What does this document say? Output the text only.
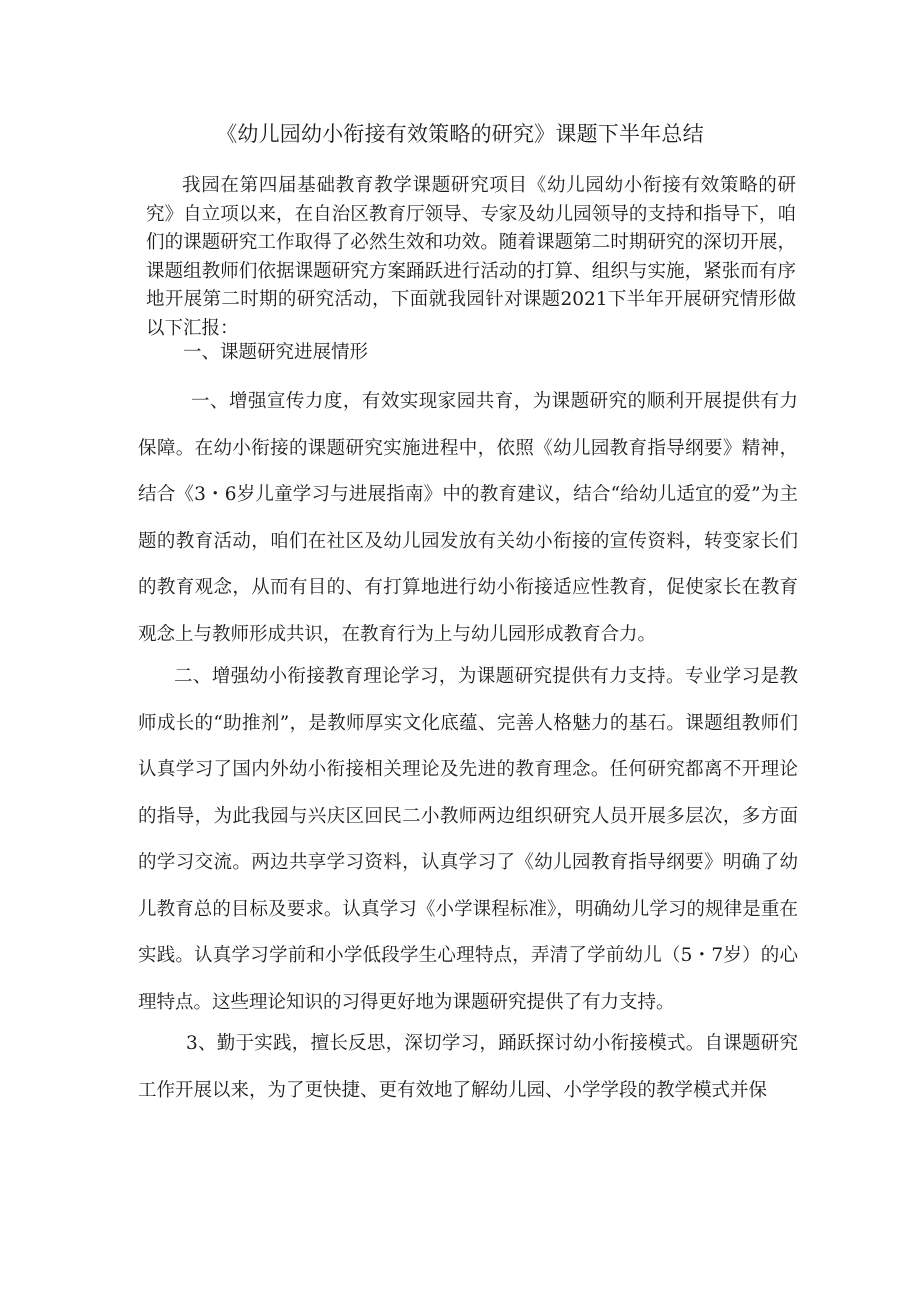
《幼儿园幼小衔接有效策略的研究》课题下半年总结

我园在第四届基础教育教学课题研究项目《幼儿园幼小衔接有效策略的研究》自立项以来，在自治区教育厅领导、专家及幼儿园领导的支持和指导下，咱们的课题研究工作取得了必然生效和功效。随着课题第二时期研究的深切开展，课题组教师们依据课题研究方案踊跃进行活动的打算、组织与实施，紧张而有序地开展第二时期的研究活动，下面就我园针对课题2021下半年开展研究情形做以下汇报：

一、课题研究进展情形

一、增强宣传力度，有效实现家园共育，为课题研究的顺利开展提供有力保障。在幼小衔接的课题研究实施进程中，依照《幼儿园教育指导纲要》精神，结合《3・6岁儿童学习与进展指南》中的教育建议，结合“给幼儿适宜的爱”为主题的教育活动，咱们在社区及幼儿园发放有关幼小衔接的宣传资料，转变家长们的教育观念，从而有目的、有打算地进行幼小衔接适应性教育，促使家长在教育观念上与教师形成共识，在教育行为上与幼儿园形成教育合力。

二、增强幼小衔接教育理论学习，为课题研究提供有力支持。专业学习是教师成长的“助推剂”，是教师厚实文化底蕴、完善人格魅力的基石。课题组教师们认真学习了国内外幼小衔接相关理论及先进的教育理念。任何研究都离不开理论的指导，为此我园与兴庆区回民二小教师两边组织研究人员开展多层次，多方面的学习交流。两边共享学习资料，认真学习了《幼儿园教育指导纲要》明确了幼儿教育总的目标及要求。认真学习《小学课程标准》，明确幼儿学习的规律是重在实践。认真学习学前和小学低段学生心理特点，弄清了学前幼儿（5・7岁）的心理特点。这些理论知识的习得更好地为课题研究提供了有力支持。

3、勤于实践，擅长反思，深切学习，踊跃探讨幼小衔接模式。自课题研究工作开展以来，为了更快捷、更有效地了解幼儿园、小学学段的教学模式并保
